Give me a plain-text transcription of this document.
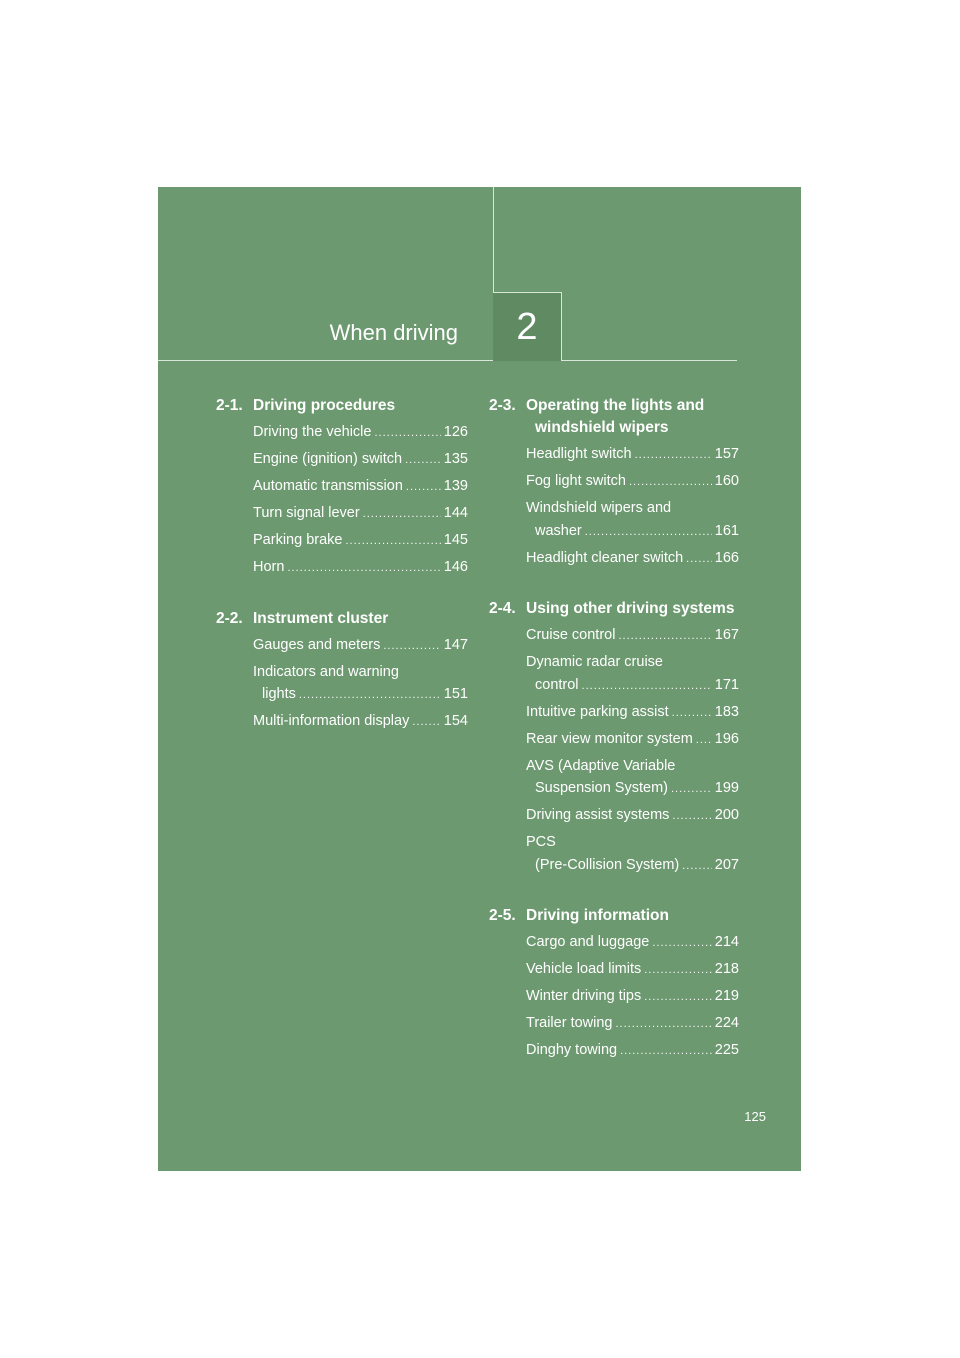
When driving 2
2-1. Driving procedures
Driving the vehicle .....	126
Engine (ignition) switch .....	135
Automatic transmission .....	139
Turn signal lever .....	144
Parking brake .....	145
Horn .....	146
2-2. Instrument cluster
Gauges and meters .....	147
Indicators and warning
lights .....	151
Multi-information display ..... 154
2-3. Operating the lights and
windshield wipers
Headlight switch .....	157
Fog light switch .....	160
Windshield wipers and
washer .....	161
Headlight cleaner switch ..... 166
2-4. Using other driving systems
Cruise control .....	167
Dynamic radar cruise
control .....	171
Intuitive parking assist .....	183
Rear view monitor system ..... 196
AVS (Adaptive Variable
Suspension System) .....	199
Driving assist systems .....	200
PCS
(Pre-Collision System) ..... 207
2-5. Driving information
Cargo and luggage .....	214
Vehicle load limits .....	218
Winter driving tips .....	219
Trailer towing .....	224
Dinghy towing .....	225
125
